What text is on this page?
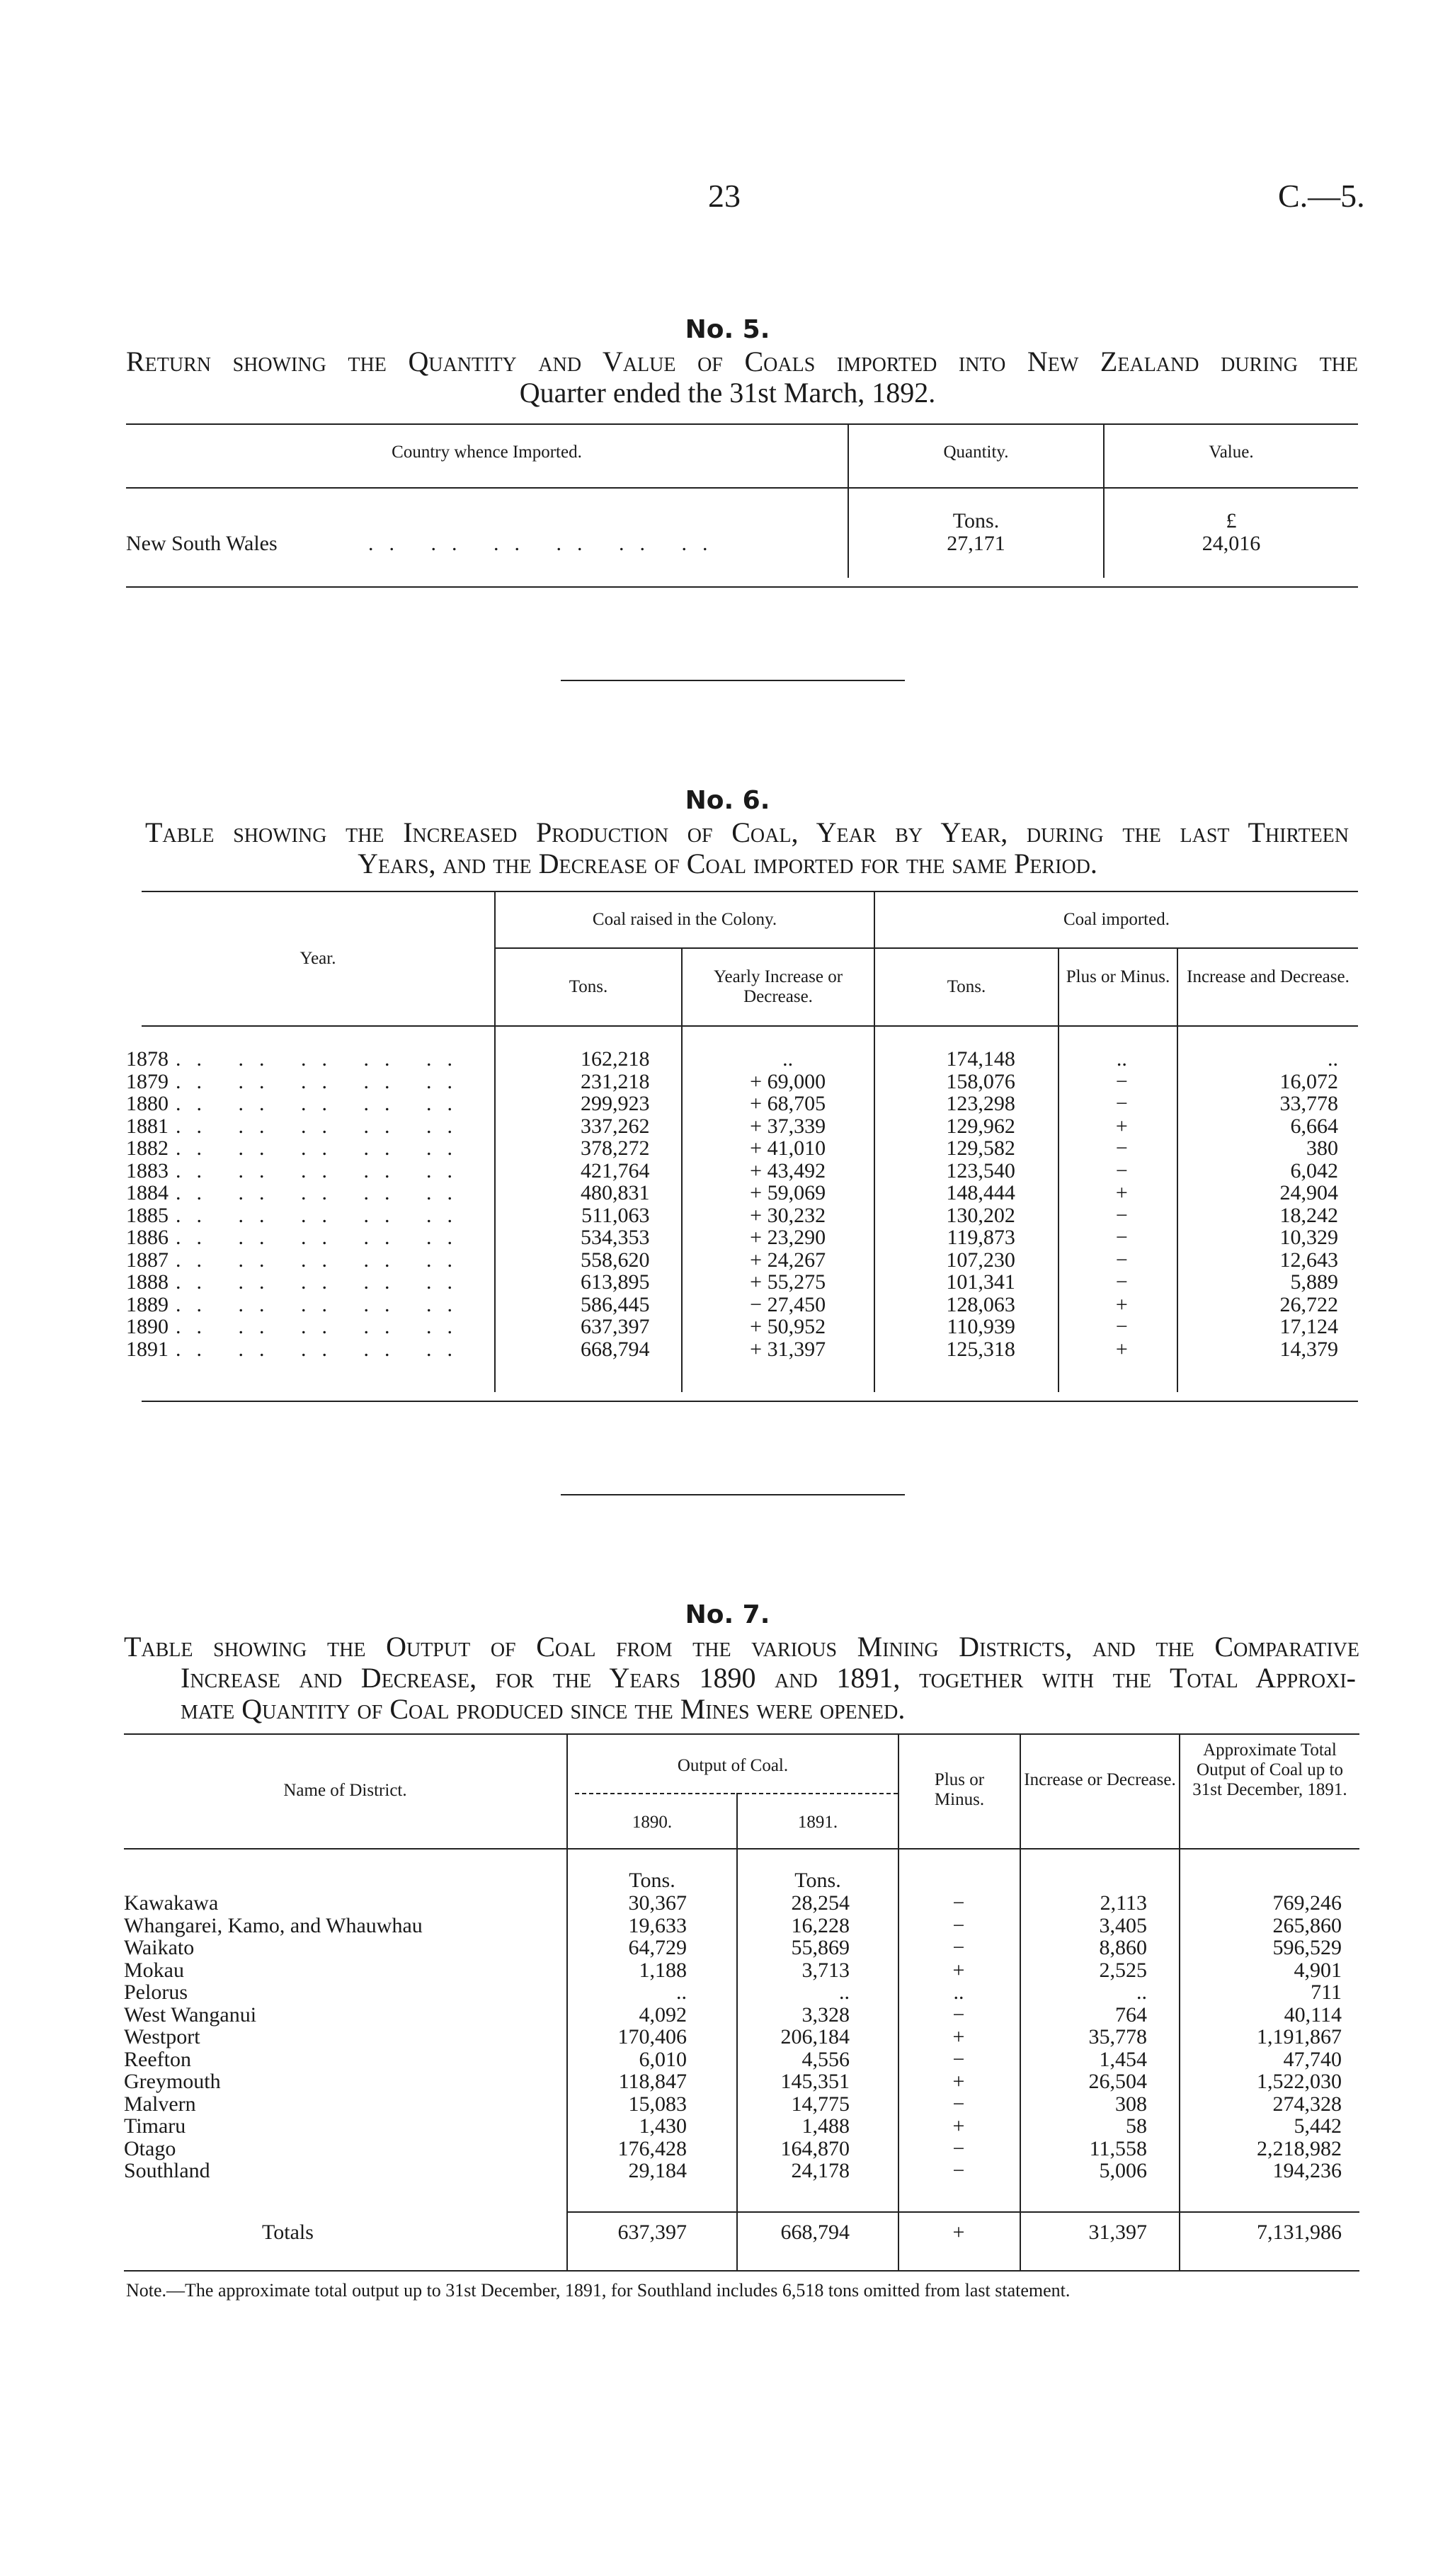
23	C.—5.
No. 5.
Return showing the Quantity and Value of Coals imported into New Zealand during the
Quarter ended the 31st March, 1892.
Country whence Imported.	Quantity.	Value.
Tons.	£
New South Wales	.. .. .. .. .. ..	27,171	24,016
No. 6.
Table showing the Increased Production of Coal, Year by Year, during the last Thirteen
Years, and the Decrease of Coal imported for the same Period.
Year.
Coal raised in the Colony.	Coal imported.
Tons.
Yearly Increase or Decrease.
Tons.
Plus or Minus. Increase and Decrease.
1878 .. .. .. .. ..	162,218	..	174,148	..	..
1879 .. .. .. .. ..	231,218	+ 69,000	158,076	−	16,072
1880 .. .. .. .. ..	299,923	+ 68,705	123,298	−	33,778
1881 .. .. .. .. ..	337,262	+ 37,339	129,962	+	6,664
1882 .. .. .. .. ..	378,272	+ 41,010	129,582	−	380
1883 .. .. .. .. ..	421,764	+ 43,492	123,540	−	6,042
1884 .. .. .. .. ..	480,831	+ 59,069	148,444	+	24,904
1885 .. .. .. .. ..	511,063	+ 30,232	130,202	−	18,242
1886 .. .. .. .. ..	534,353	+ 23,290	119,873	−	10,329
1887 .. .. .. .. ..	558,620	+ 24,267	107,230	−	12,643
1888 .. .. .. .. ..	613,895	+ 55,275	101,341	−	5,889
1889 .. .. .. .. ..	586,445	− 27,450	128,063	+	26,722
1890 .. .. .. .. ..	637,397	+ 50,952	110,939	−	17,124
1891 .. .. .. .. ..	668,794	+ 31,397	125,318	+	14,379
No. 7.
Table showing the Output of Coal from the various Mining Districts, and the Comparative
Increase and Decrease, for the Years 1890 and 1891, together with the Total Approxi-
mate Quantity of Coal produced since the Mines were opened.
Name of District.
Output of Coal.
1890.	1891.
Plus or Minus.
Increase or Decrease.
Approximate Total Output of Coal up to 31st December, 1891.
Tons.	Tons.
Kawakawa	30,367	28,254	−	2,113	769,246
Whangarei, Kamo, and Whauwhau	19,633	16,228	−	3,405	265,860
Waikato	64,729	55,869	−	8,860	596,529
Mokau	1,188	3,713	+	2,525	4,901
Pelorus	..	..	..	..	711
West Wanganui	4,092	3,328	−	764	40,114
Westport	170,406	206,184	+	35,778	1,191,867
Reefton	6,010	4,556	−	1,454	47,740
Greymouth	118,847	145,351	+	26,504	1,522,030
Malvern	15,083	14,775	−	308	274,328
Timaru	1,430	1,488	+	58	5,442
Otago	176,428	164,870	−	11,558	2,218,982
Southland	29,184	24,178	−	5,006	194,236
Totals	637,397	668,794	+	31,397	7,131,986
Note.—The approximate total output up to 31st December, 1891, for Southland includes 6,518 tons omitted from last statement.
